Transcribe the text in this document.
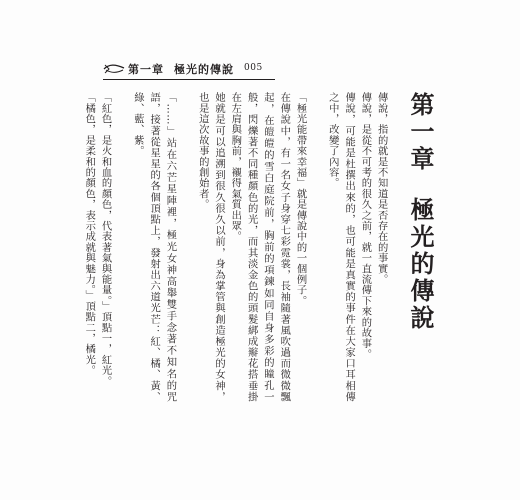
第一章 極光的傳說	005
第一章極光的傳說

傳說，指的就是不知道是否存在的事實。

傳說，是從不可考的很久之前，就一直流傳下來的故事。

傳說，可能是杜撰出來的，也可能是真實的事件在大家口耳相傳之中，改變了內容。

「極光能帶來幸福」就是傳說中的一個例子。

在傳說中，有一名女子身穿七彩霓裳，長袖隨著風吹過而微微飄起，在皚皚的雪白庭院前，胸前的項鍊如同自身多彩的瞳孔一般，閃爍著不同種顏色的光，而其淡金色的頭髮綁成辮花搭垂掛在左肩與胸前，襯得氣質出眾。

她就是可以追溯到很久很久以前，身為掌管與創造極光的女神，也是這次故事的創始者。

「……」站在六芒星陣裡，極光女神高舉雙手念著不知名的咒語，接著從星星的各個頂點上，發射出六道光芒：紅、橘、黃、綠、藍、紫。

「紅色，是火和血的顏色，代表著氣與能量。」頂點一，紅光。

「橘色，是柔和的顏色，表示成就與魅力。」頂點二，橘光。
